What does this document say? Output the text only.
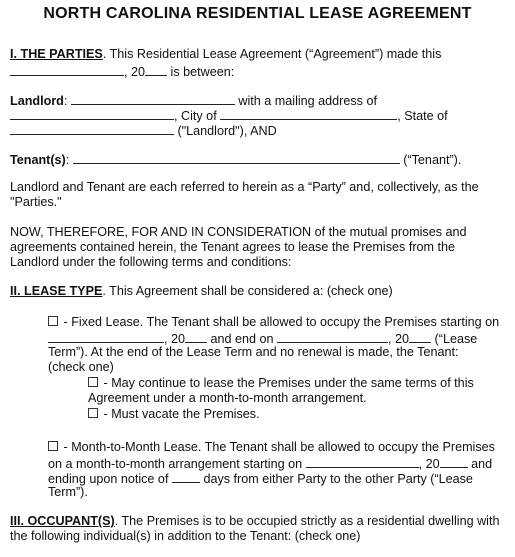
NORTH CAROLINA RESIDENTIAL LEASE AGREEMENT
I. THE PARTIES. This Residential Lease Agreement (“Agreement”) made this
, 20 is between:
Landlord:	with a mailing address of
, City of	, State of
("Landlord"), AND
Tenant(s):	(“Tenant”).
Landlord and Tenant are each referred to herein as a “Party” and, collectively, as the
"Parties."
NOW, THEREFORE, FOR AND IN CONSIDERATION of the mutual promises and
agreements contained herein, the Tenant agrees to lease the Premises from the
Landlord under the following terms and conditions:
II. LEASE TYPE. This Agreement shall be considered a: (check one)
- Fixed Lease. The Tenant shall be allowed to occupy the Premises starting on
, 20 and end on	, 20 (“Lease
Term”). At the end of the Lease Term and no renewal is made, the Tenant:
(check one)
- May continue to lease the Premises under the same terms of this
Agreement under a month-to-month arrangement.
- Must vacate the Premises.
- Month-to-Month Lease. The Tenant shall be allowed to occupy the Premises
on a month-to-month arrangement starting on	, 20 and
ending upon notice of	days from either Party to the other Party (“Lease
Term”).
III. OCCUPANT(S). The Premises is to be occupied strictly as a residential dwelling with
the following individual(s) in addition to the Tenant: (check one)
